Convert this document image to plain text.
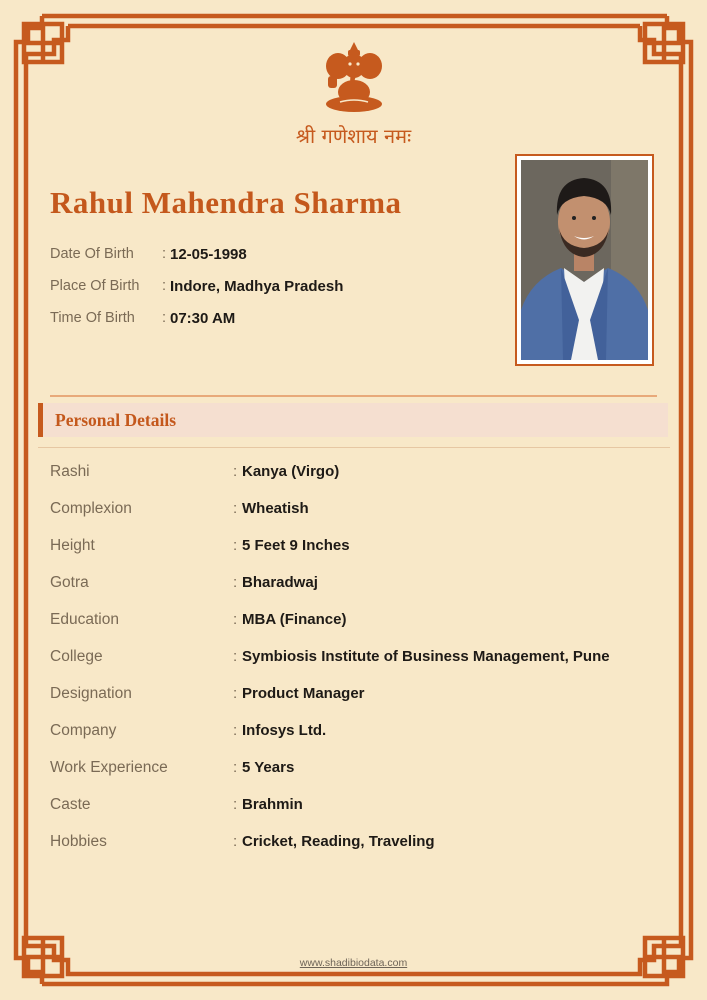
श्री गणेशाय नमः
Rahul Mahendra Sharma
Date Of Birth	: 12-05-1998
Place Of Birth	: Indore, Madhya Pradesh
Time Of Birth	: 07:30 AM
Personal Details
Rashi	: Kanya (Virgo)
Complexion	: Wheatish
Height	: 5 Feet 9 Inches
Gotra	: Bharadwaj
Education	: MBA (Finance)
College	: Symbiosis Institute of Business Management, Pune
Designation	: Product Manager
Company	: Infosys Ltd.
Work Experience	: 5 Years
Caste	: Brahmin
Hobbies	: Cricket, Reading, Traveling
www.shadibiodata.com
